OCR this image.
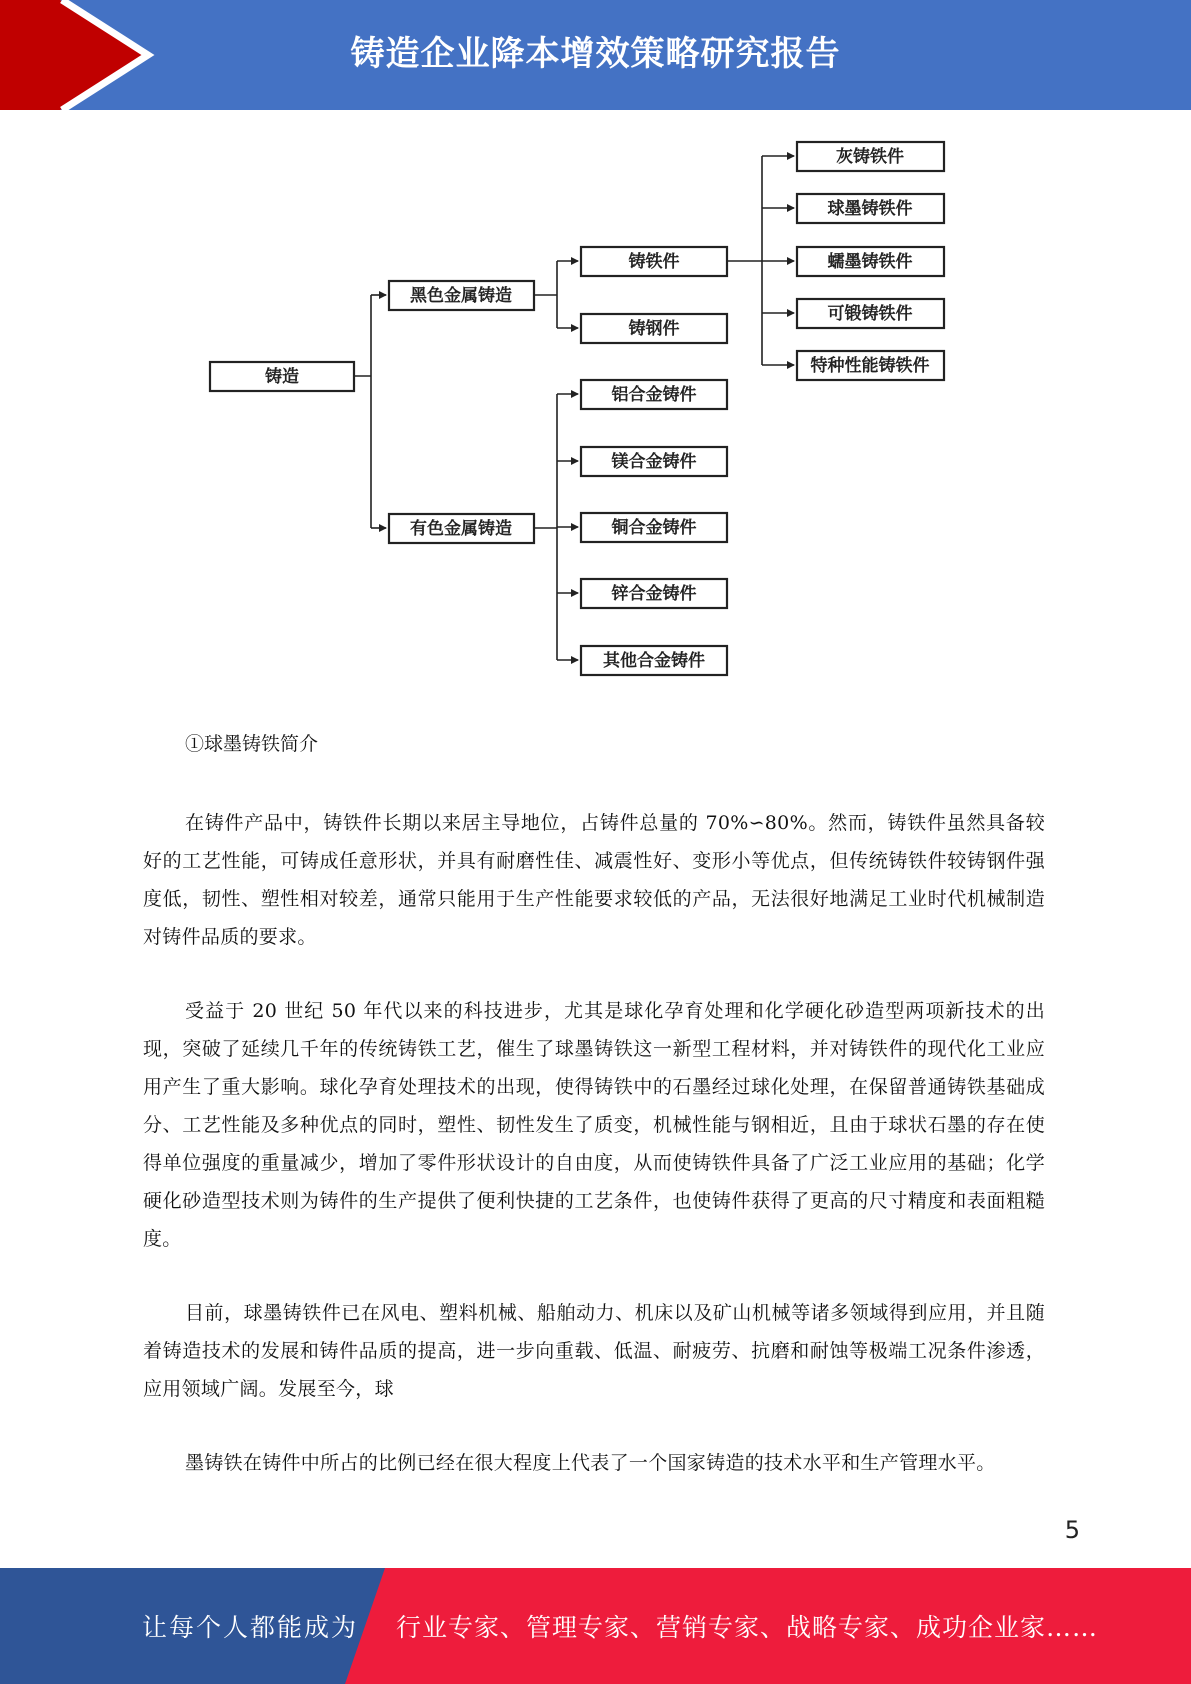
铸造企业降本增效策略研究报告
铸造
黑色金属铸造
有色金属铸造
铸铁件
铸钢件
灰铸铁件
球墨铸铁件
蠕墨铸铁件
可锻铸铁件
特种性能铸铁件
铝合金铸件
镁合金铸件
铜合金铸件
锌合金铸件
其他合金铸件

①球墨铸铁简介

在铸件产品中，铸铁件长期以来居主导地位，占铸件总量的 70%∽80%。然而，铸铁件虽然具备较好的工艺性能，可铸成任意形状，并具有耐磨性佳、减震性好、变形小等优点，但传统铸铁件较铸钢件强度低，韧性、塑性相对较差，通常只能用于生产性能要求较低的产品，无法很好地满足工业时代机械制造对铸件品质的要求。

受益于 20 世纪 50 年代以来的科技进步，尤其是球化孕育处理和化学硬化砂造型两项新技术的出现，突破了延续几千年的传统铸铁工艺，催生了球墨铸铁这一新型工程材料，并对铸铁件的现代化工业应用产生了重大影响。球化孕育处理技术的出现，使得铸铁中的石墨经过球化处理，在保留普通铸铁基础成分、工艺性能及多种优点的同时，塑性、韧性发生了质变，机械性能与钢相近，且由于球状石墨的存在使得单位强度的重量减少，增加了零件形状设计的自由度，从而使铸铁件具备了广泛工业应用的基础；化学硬化砂造型技术则为铸件的生产提供了便利快捷的工艺条件，也使铸件获得了更高的尺寸精度和表面粗糙度。

目前，球墨铸铁件已在风电、塑料机械、船舶动力、机床以及矿山机械等诸多领域得到应用，并且随着铸造技术的发展和铸件品质的提高，进一步向重载、低温、耐疲劳、抗磨和耐蚀等极端工况条件渗透，应用领域广阔。发展至今，球

墨铸铁在铸件中所占的比例已经在很大程度上代表了一个国家铸造的技术水平和生产管理水平。

5
让每个人都能成为 行业专家、管理专家、营销专家、战略专家、成功企业家……
